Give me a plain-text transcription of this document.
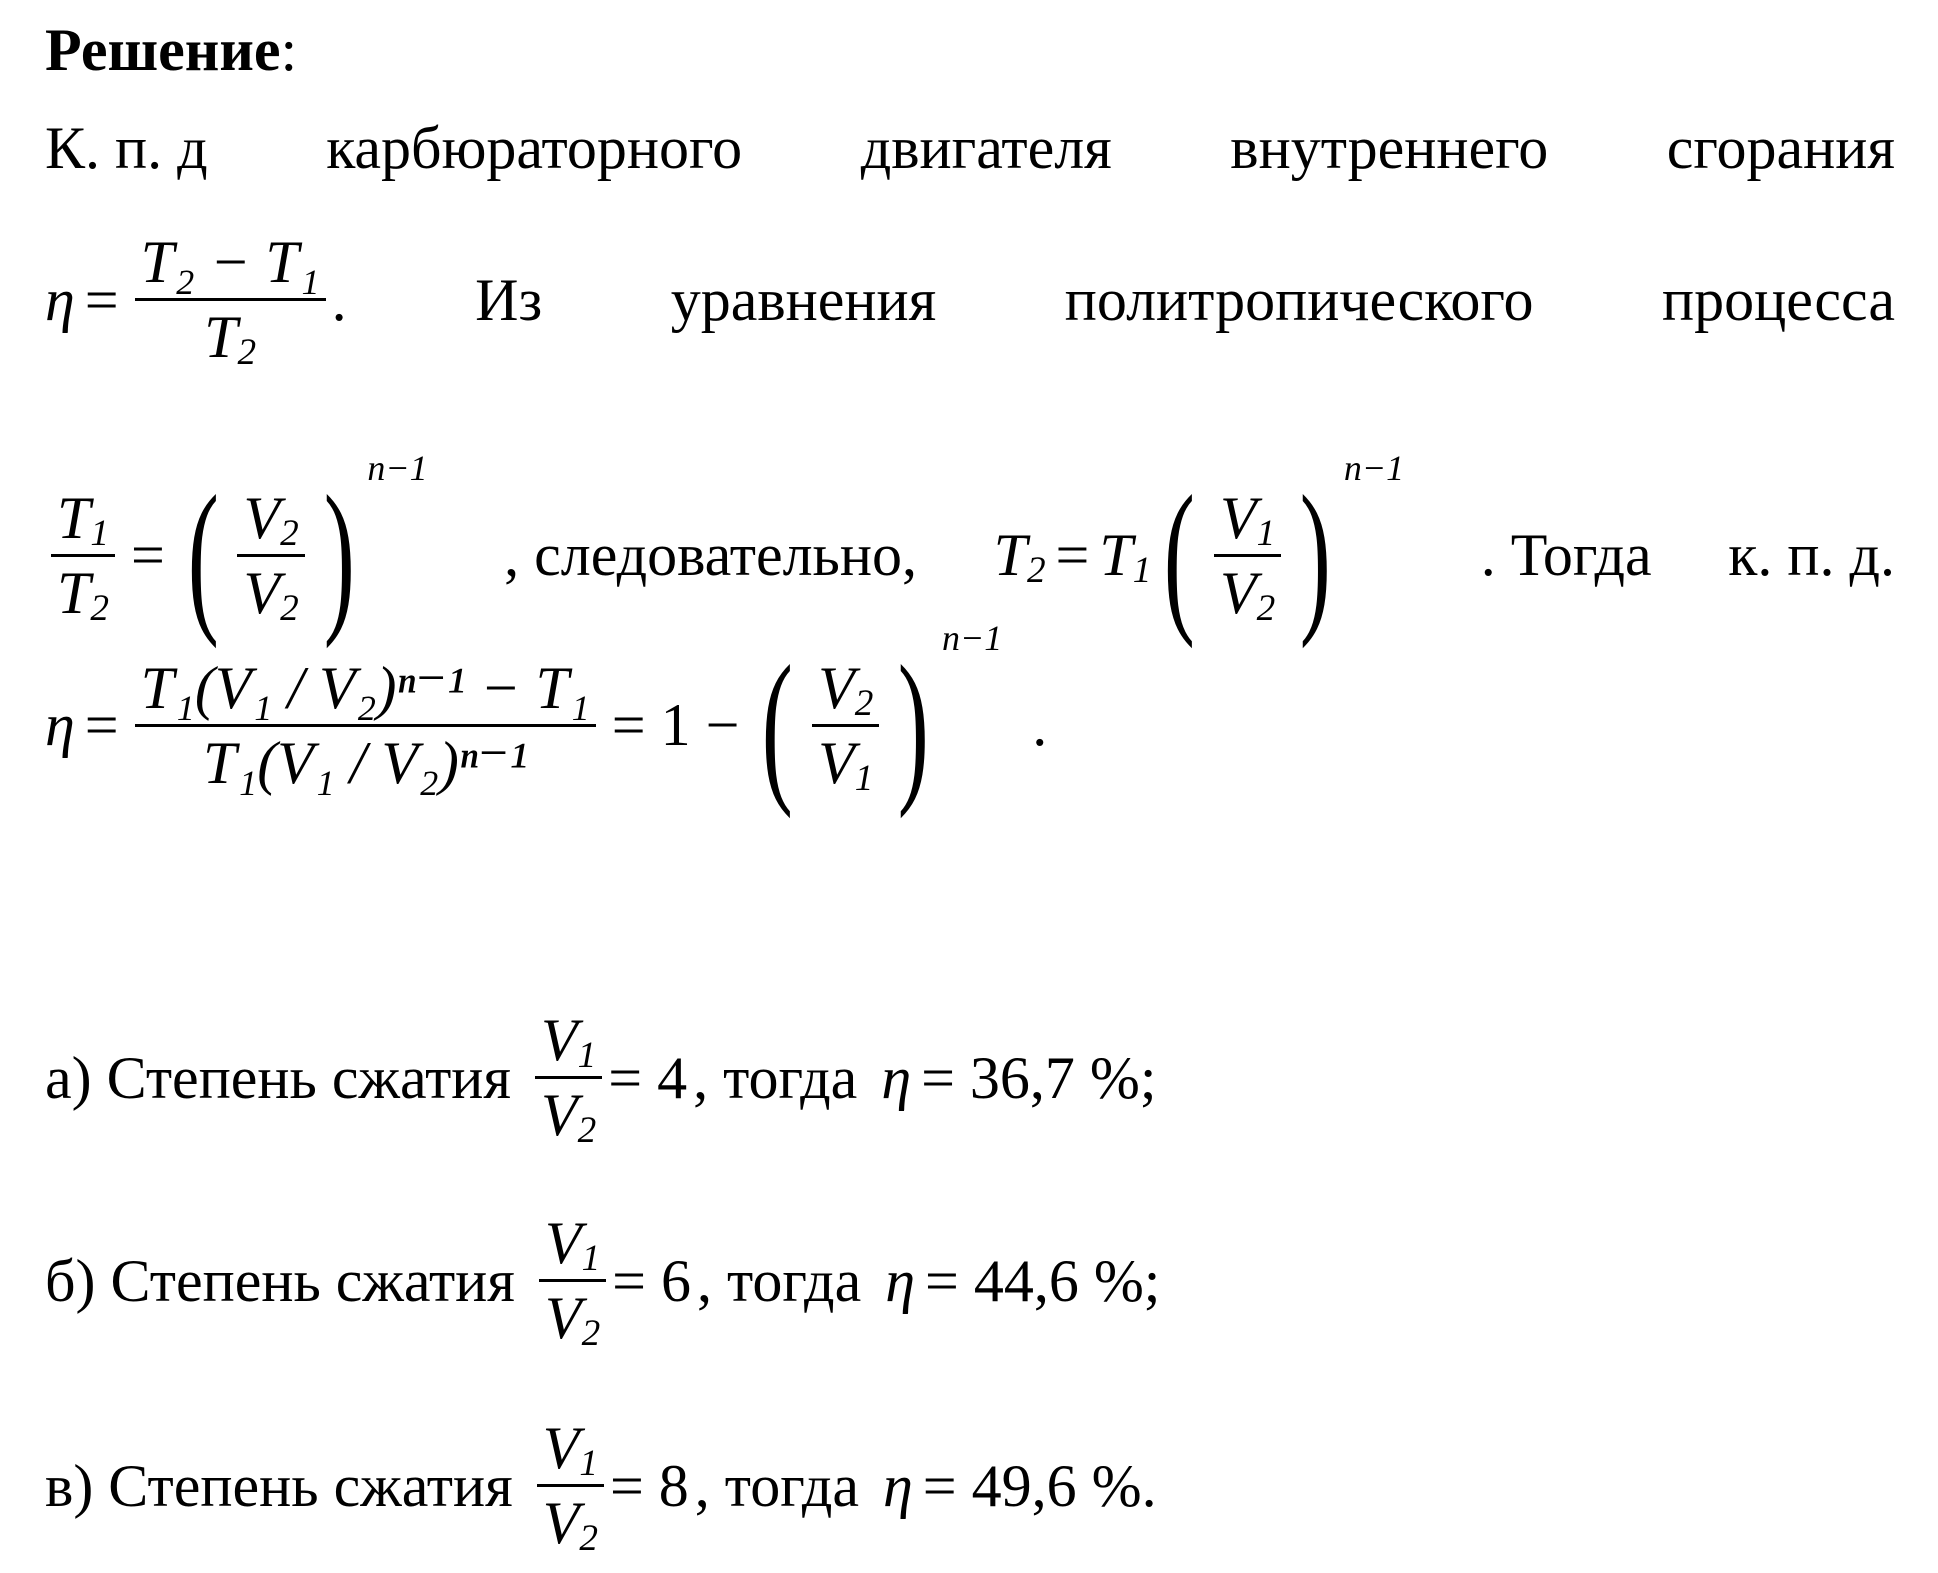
Решение:
К. п. д карбюраторного двигателя внутреннего сгорания
$\eta = \frac{\text{T₂ − T₁}}{T_2}$ . Из уравнения политропического процесса
$\frac{T_1}{T_2}$ = ( $\frac{V_2}{V_2}$ ) n−1
, следовательно, $T_2 = T_1$ ( $\frac{V_1}{V_2}$ ) n−1
. Тогда к. п. д.
$\eta = \frac{\text{T₁(V₁ / V₂)ⁿ⁻¹ − T₁}}{\text{T₁(V₁ / V₂)ⁿ⁻¹}} = 1$ − ( $\frac{V_2}{V_1}$ ) n−1
.
а) Степень сжатия $\frac{V_1}{V_2} = 4$ , тогда η = 36,7 %;
б) Степень сжатия $\frac{V_1}{V_2} = 6$ , тогда η = 44,6 %;
в) Степень сжатия $\frac{V_1}{V_2} = 8$ , тогда η = 49,6 %.
